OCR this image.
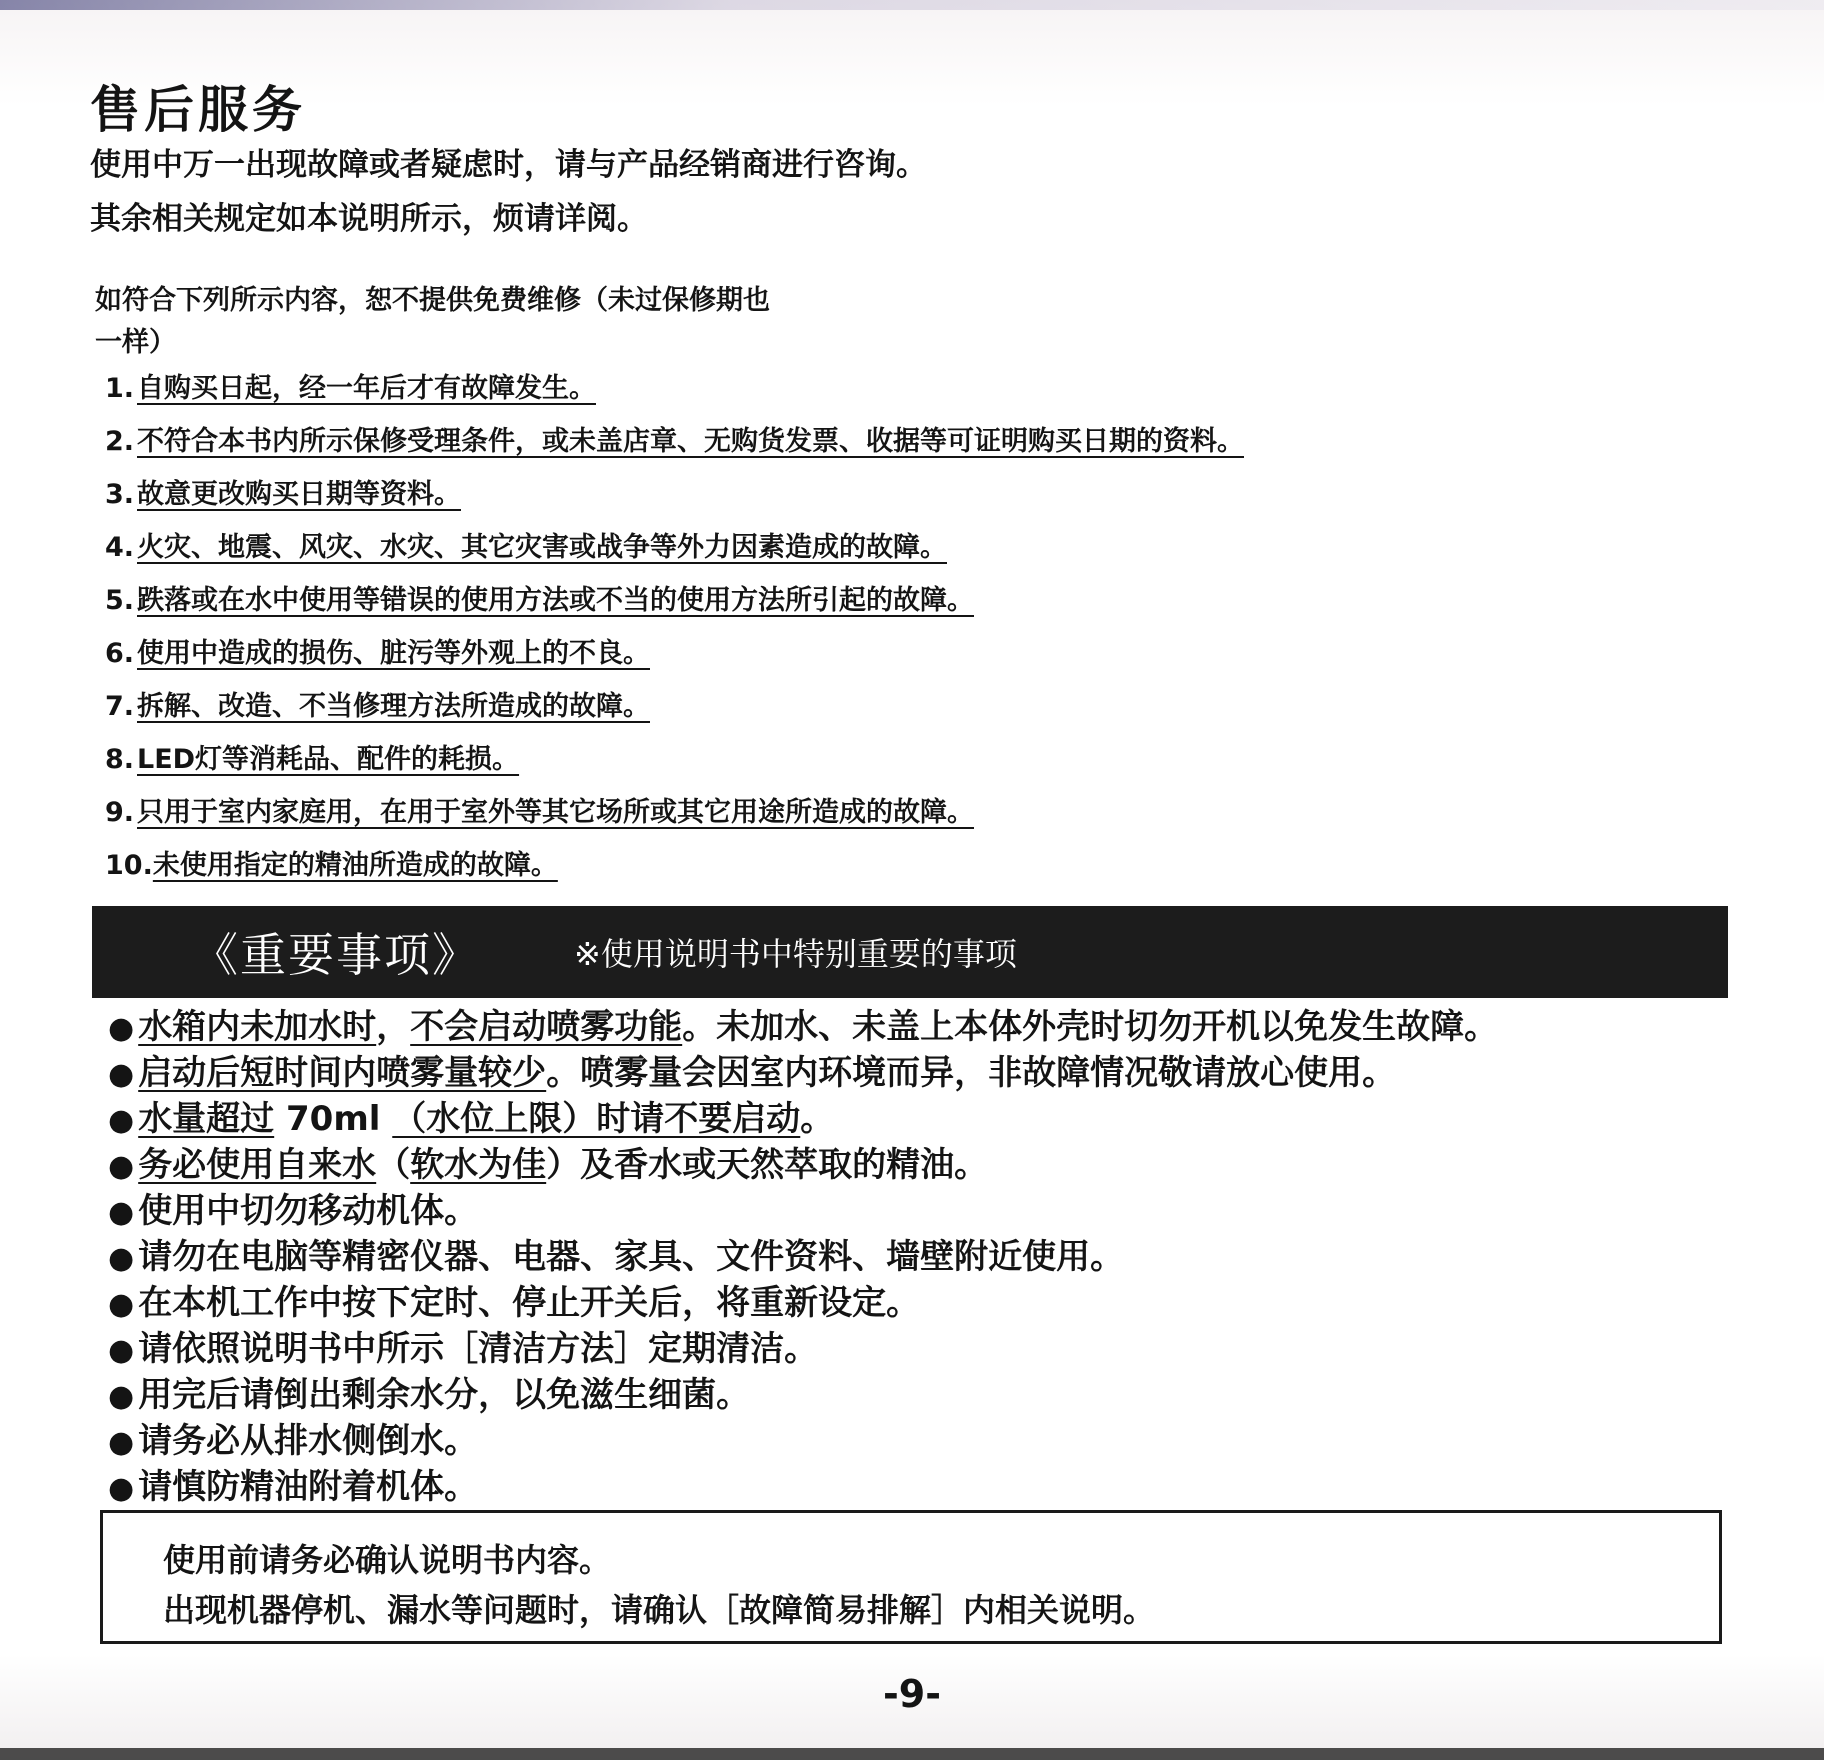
售后服务
使用中万一出现故障或者疑虑时，请与产品经销商进行咨询。
其余相关规定如本说明所示，烦请详阅。
如符合下列所示内容，恕不提供免费维修（未过保修期也
一样）
1. 自购买日起，经一年后才有故障发生。
2. 不符合本书内所示保修受理条件，或未盖店章、无购货发票、收据等可证明购买日期的资料。
3. 故意更改购买日期等资料。
4. 火灾、地震、风灾、水灾、其它灾害或战争等外力因素造成的故障。
5. 跌落或在水中使用等错误的使用方法或不当的使用方法所引起的故障。
6. 使用中造成的损伤、脏污等外观上的不良。
7. 拆解、改造、不当修理方法所造成的故障。
8. LED灯等消耗品、配件的耗损。
9. 只用于室内家庭用，在用于室外等其它场所或其它用途所造成的故障。
10.未使用指定的精油所造成的故障。
《重要事项》	※使用说明书中特别重要的事项
● 水箱内未加水时，不会启动喷雾功能。未加水、未盖上本体外壳时切勿开机以免发生故障。
● 启动后短时间内喷雾量较少。喷雾量会因室内环境而异，非故障情况敬请放心使用。
● 水量超过 70ml （水位上限）时请不要启动。
● 务必使用自来水（软水为佳）及香水或天然萃取的精油。
● 使用中切勿移动机体。
● 请勿在电脑等精密仪器、电器、家具、文件资料、墙壁附近使用。
● 在本机工作中按下定时、停止开关后，将重新设定。
● 请依照说明书中所示［清洁方法］定期清洁。
● 用完后请倒出剩余水分，以免滋生细菌。
● 请务必从排水侧倒水。
● 请慎防精油附着机体。
使用前请务必确认说明书内容。
出现机器停机、漏水等问题时，请确认［故障简易排解］内相关说明。
-9-
